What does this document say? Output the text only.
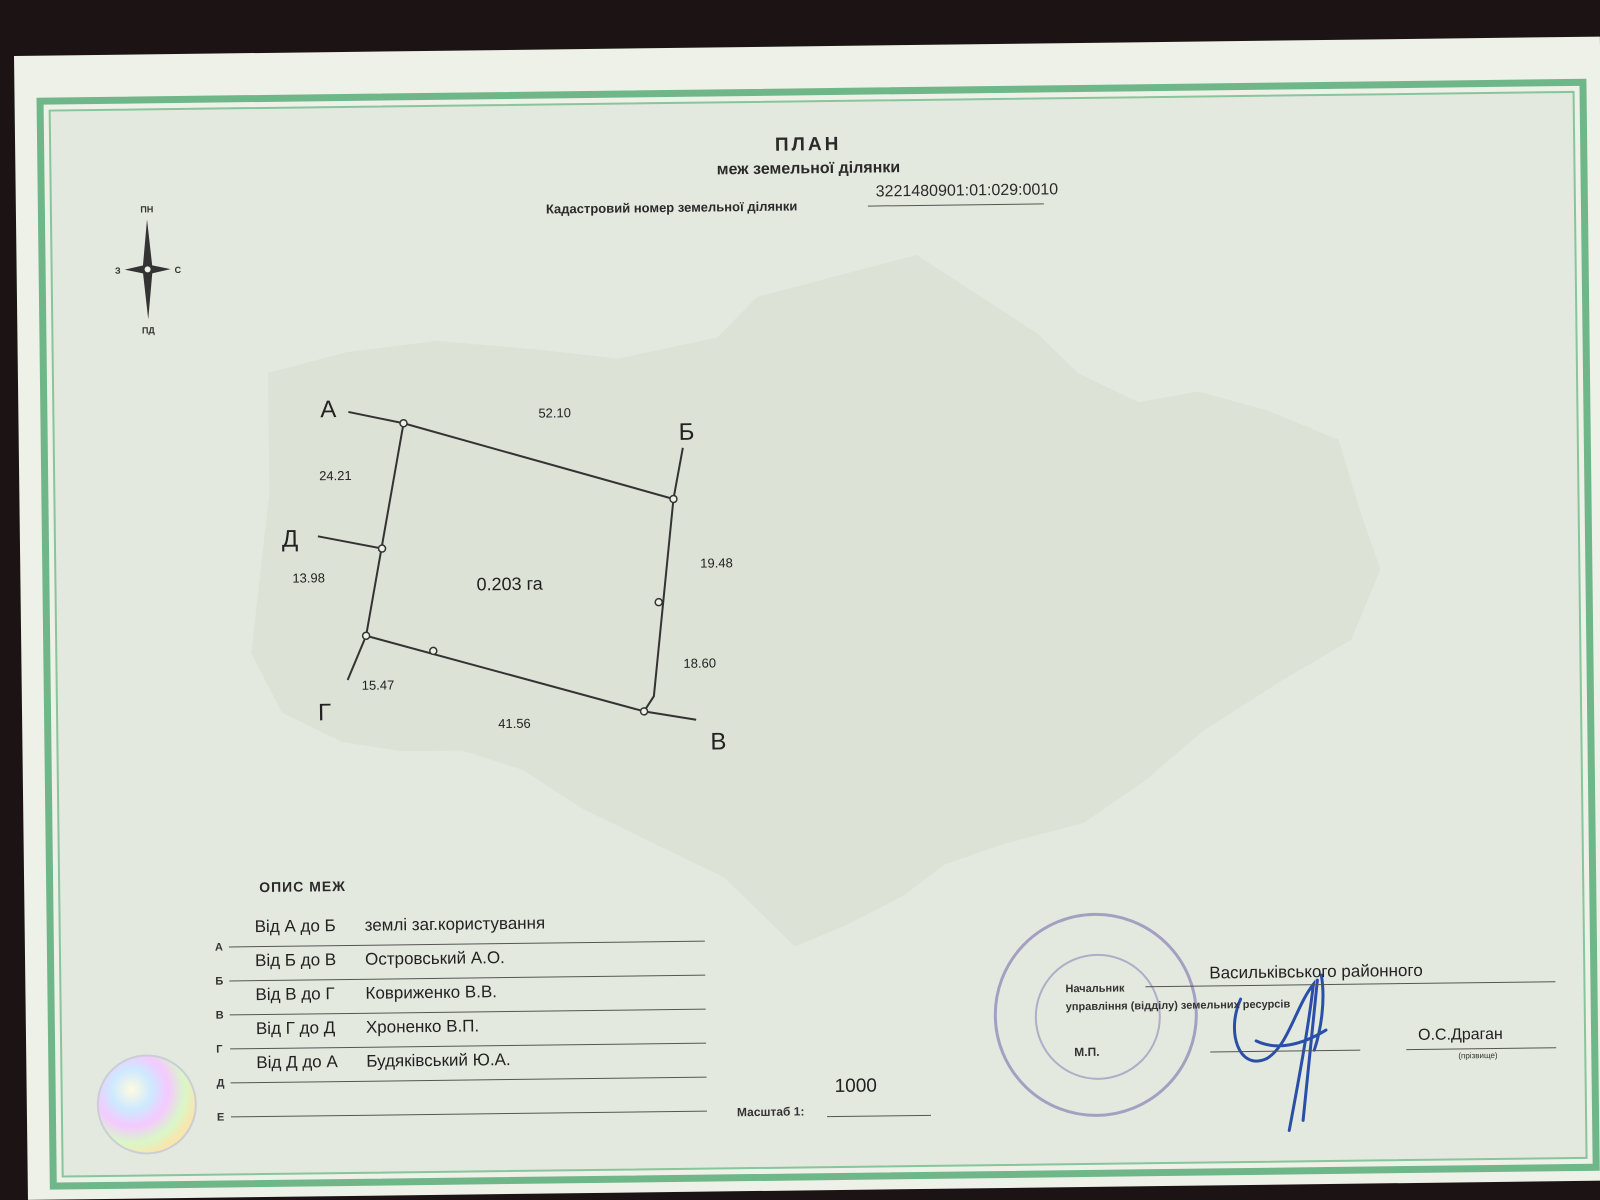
ПЛАН
меж земельної ділянки
Кадастровий номер земельної ділянки
3221480901:01:029:0010
ПН
ПД
З	С
А
Б
В
Г
Д
52.10
24.21
13.98
19.48
18.60
15.47
41.56
0.203 га
ОПИС МЕЖ
А
Від А до Б землі заг.користування
Б
Від Б до В Островський А.О.
В
Від В до Г Ковриженко В.В.
Г
Від Г до Д Хроненко В.П.
Д
Від Д до А Будяківський Ю.А.
Е	Масштаб 1:
1000
Начальник
Васильківського районного
управління (відділу) земельних ресурсів
М.П.
О.С.Драган
(прізвище)
